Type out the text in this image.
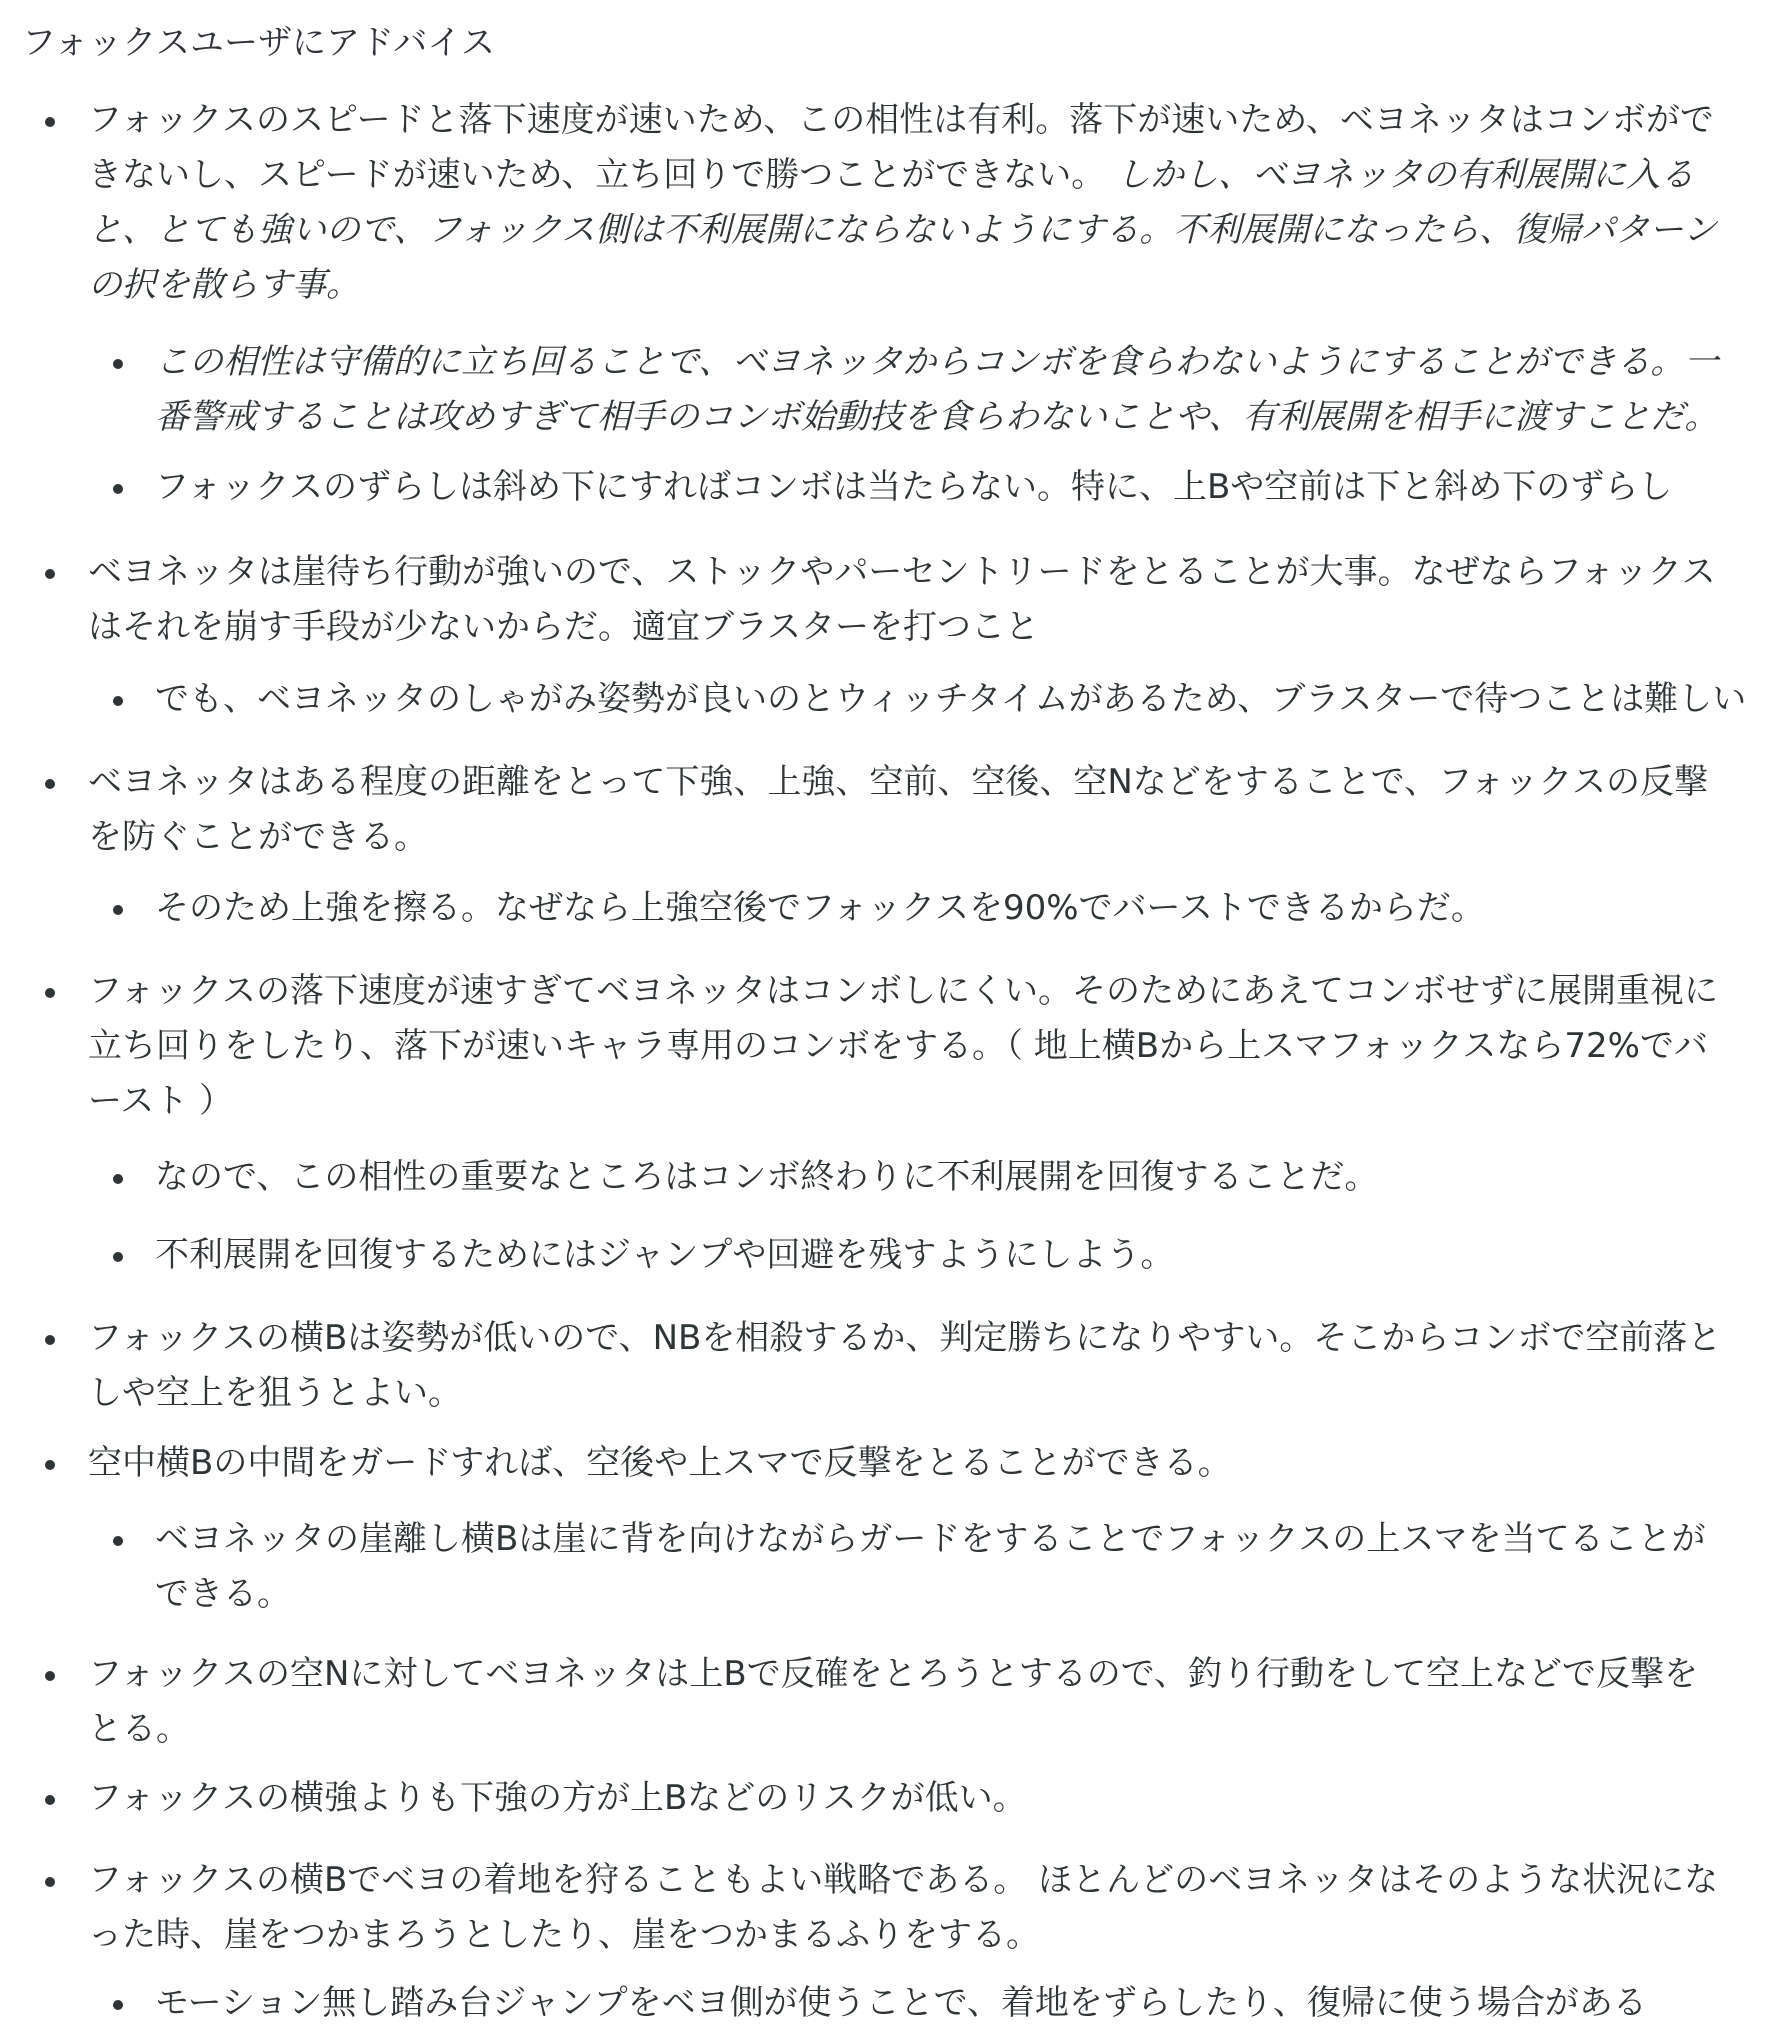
フォックスユーザにアドバイス

フォックスのスピードと落下速度が速いため、この相性は有利。落下が速いため、ベヨネッタはコンボができないし、スピードが速いため、立ち回りで勝つことができない。 しかし、ベヨネッタの有利展開に入ると、とても強いので、フォックス側は不利展開にならないようにする。不利展開になったら、復帰パターンの択を散らす事。

この相性は守備的に立ち回ることで、ベヨネッタからコンボを食らわないようにすることができる。一番警戒することは攻めすぎて相手のコンボ始動技を食らわないことや、有利展開を相手に渡すことだ。

フォックスのずらしは斜め下にすればコンボは当たらない。特に、上Bや空前は下と斜め下のずらし

ベヨネッタは崖待ち行動が強いので、ストックやパーセントリードをとることが大事。なぜならフォックスはそれを崩す手段が少ないからだ。適宜ブラスターを打つこと

でも、ベヨネッタのしゃがみ姿勢が良いのとウィッチタイムがあるため、ブラスターで待つことは難しい

ベヨネッタはある程度の距離をとって下強、上強、空前、空後、空Nなどをすることで、フォックスの反撃を防ぐことができる。

そのため上強を擦る。なぜなら上強空後でフォックスを90%でバーストできるからだ。

フォックスの落下速度が速すぎてベヨネッタはコンボしにくい。そのためにあえてコンボせずに展開重視に立ち回りをしたり、落下が速いキャラ専用のコンボをする。（ 地上横Bから上スマフォックスなら72%でバースト ）

なので、この相性の重要なところはコンボ終わりに不利展開を回復することだ。

不利展開を回復するためにはジャンプや回避を残すようにしよう。

フォックスの横Bは姿勢が低いので、NBを相殺するか、判定勝ちになりやすい。そこからコンボで空前落としや空上を狙うとよい。

空中横Bの中間をガードすれば、空後や上スマで反撃をとることができる。

ベヨネッタの崖離し横Bは崖に背を向けながらガードをすることでフォックスの上スマを当てることができる。

フォックスの空Nに対してベヨネッタは上Bで反確をとろうとするので、釣り行動をして空上などで反撃をとる。

フォックスの横強よりも下強の方が上Bなどのリスクが低い。

フォックスの横Bでベヨの着地を狩ることもよい戦略である。 ほとんどのベヨネッタはそのような状況になった時、崖をつかまろうとしたり、崖をつかまるふりをする。

モーション無し踏み台ジャンプをベヨ側が使うことで、着地をずらしたり、復帰に使う場合がある
